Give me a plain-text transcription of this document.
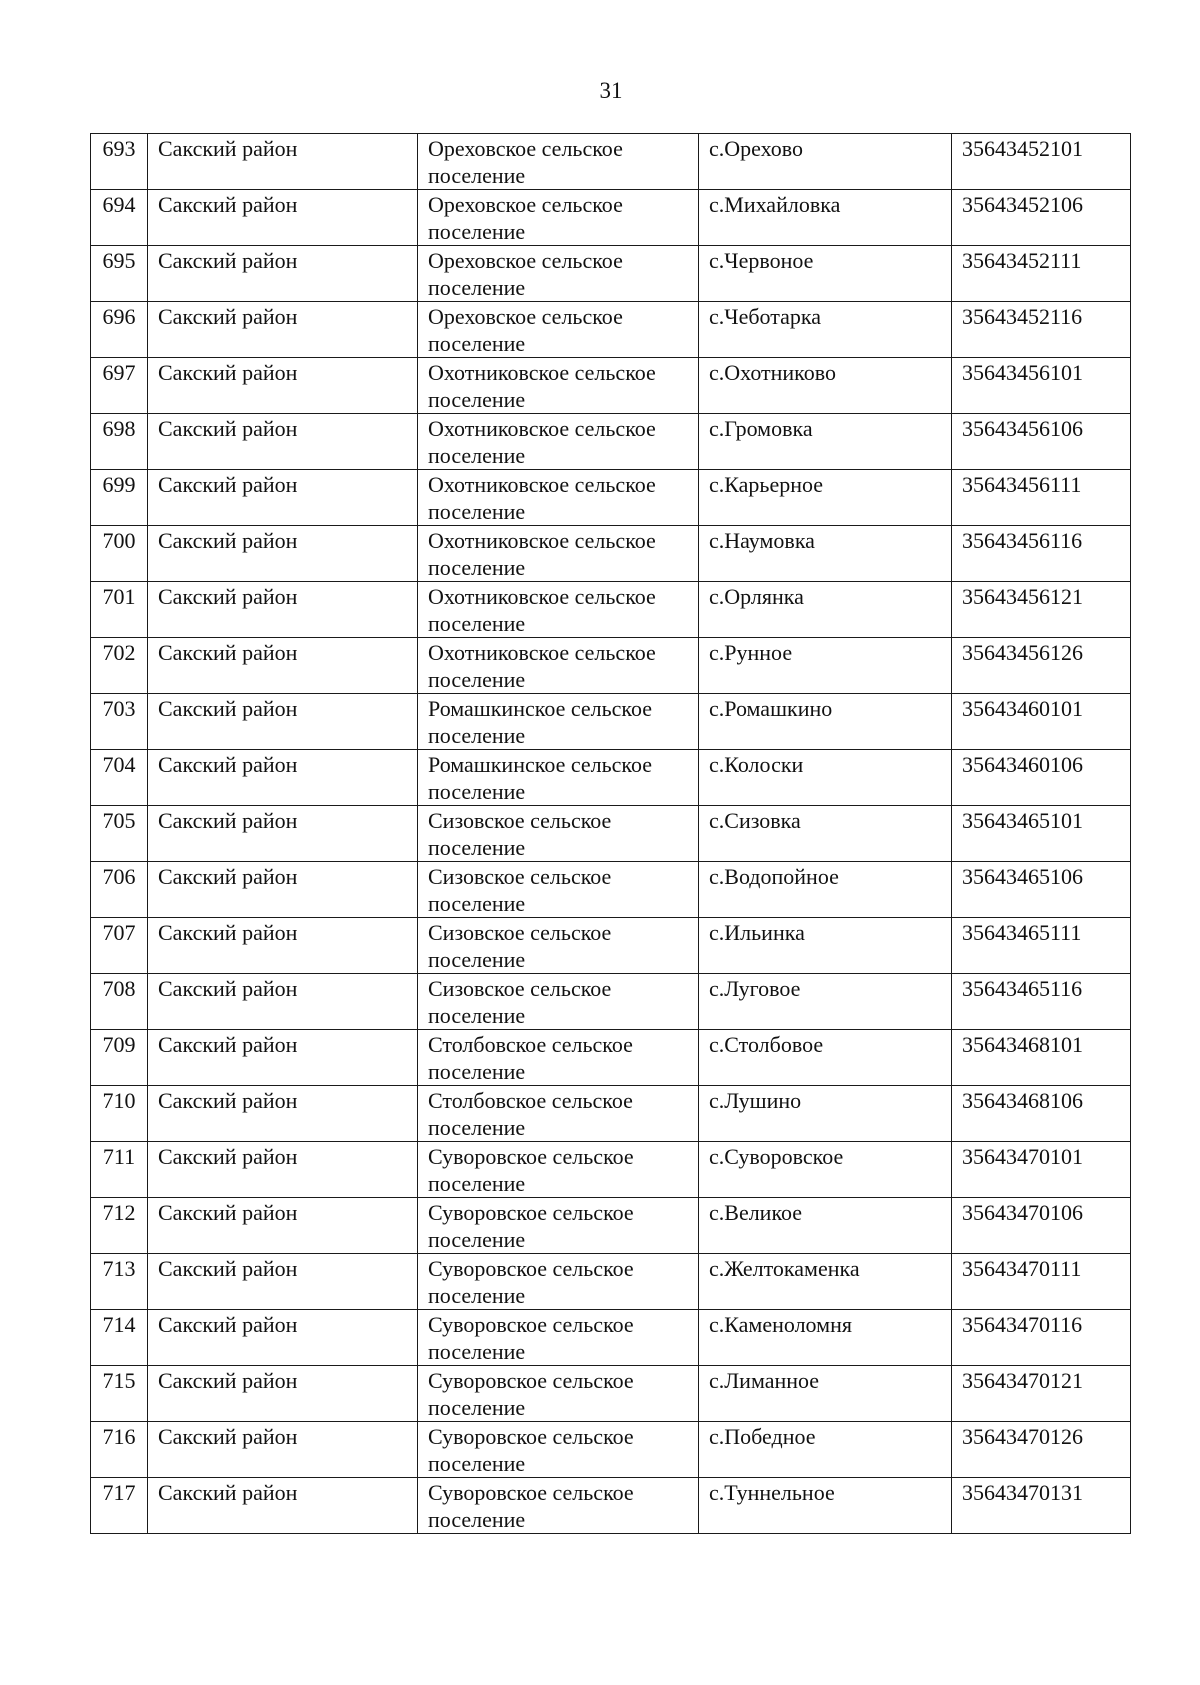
31
693	Сакский район	Ореховское сельское поселение	с.Орехово	35643452101
694	Сакский район	Ореховское сельское поселение	с.Михайловка	35643452106
695	Сакский район	Ореховское сельское поселение	с.Червоное	35643452111
696	Сакский район	Ореховское сельское поселение	с.Чеботарка	35643452116
697	Сакский район	Охотниковское сельское поселение	с.Охотниково	35643456101
698	Сакский район	Охотниковское сельское поселение	с.Громовка	35643456106
699	Сакский район	Охотниковское сельское поселение	с.Карьерное	35643456111
700	Сакский район	Охотниковское сельское поселение	с.Наумовка	35643456116
701	Сакский район	Охотниковское сельское поселение	с.Орлянка	35643456121
702	Сакский район	Охотниковское сельское поселение	с.Рунное	35643456126
703	Сакский район	Ромашкинское сельское поселение	с.Ромашкино	35643460101
704	Сакский район	Ромашкинское сельское поселение	с.Колоски	35643460106
705	Сакский район	Сизовское сельское поселение	с.Сизовка	35643465101
706	Сакский район	Сизовское сельское поселение	с.Водопойное	35643465106
707	Сакский район	Сизовское сельское поселение	с.Ильинка	35643465111
708	Сакский район	Сизовское сельское поселение	с.Луговое	35643465116
709	Сакский район	Столбовское сельское поселение	с.Столбовое	35643468101
710	Сакский район	Столбовское сельское поселение	с.Лушино	35643468106
711	Сакский район	Суворовское сельское поселение	с.Суворовское	35643470101
712	Сакский район	Суворовское сельское поселение	с.Великое	35643470106
713	Сакский район	Суворовское сельское поселение	с.Желтокаменка	35643470111
714	Сакский район	Суворовское сельское поселение	с.Каменоломня	35643470116
715	Сакский район	Суворовское сельское поселение	с.Лиманное	35643470121
716	Сакский район	Суворовское сельское поселение	с.Победное	35643470126
717	Сакский район	Суворовское сельское поселение	с.Туннельное	35643470131
